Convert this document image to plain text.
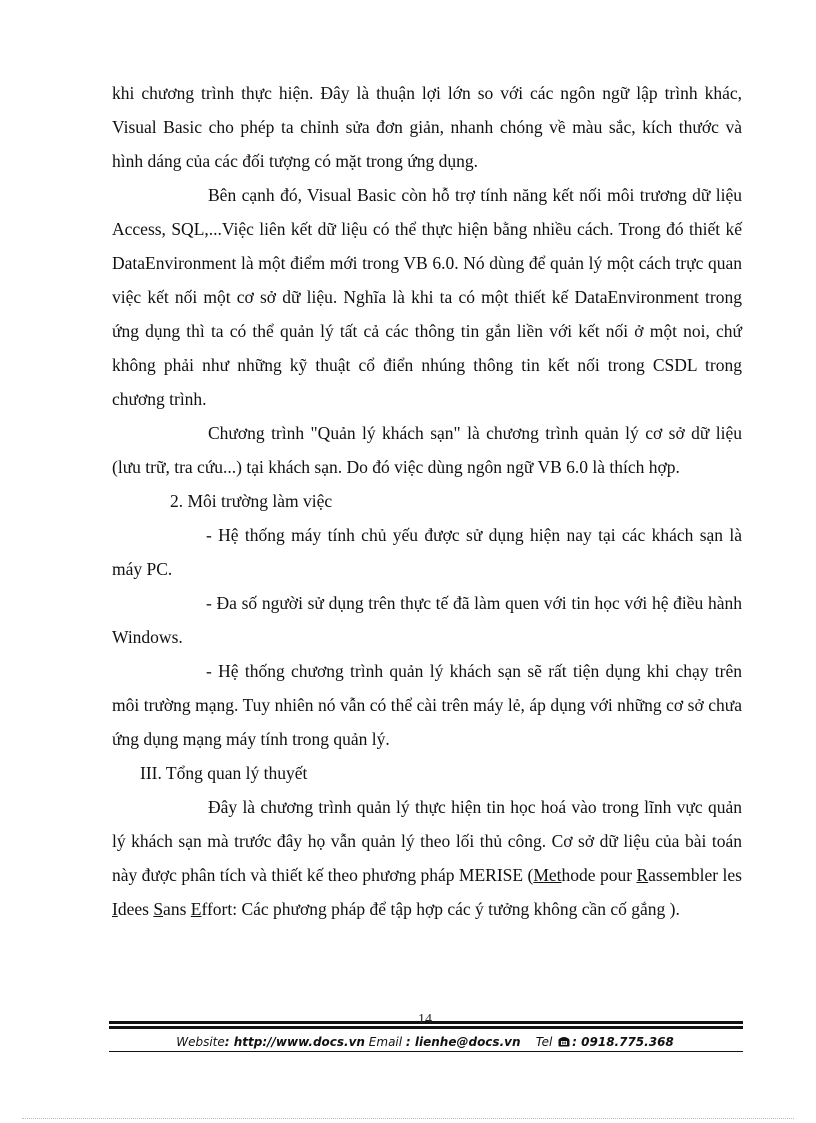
khi chương trình thực hiện. Đây là thuận lợi lớn so với các ngôn ngữ lập trình khác, Visual Basic cho phép ta chỉnh sửa đơn giản, nhanh chóng về màu sắc, kích thước và hình dáng của các đối tượng có mặt trong ứng dụng.

Bên cạnh đó, Visual Basic còn hỗ trợ tính năng kết nối môi trương dữ liệu Access, SQL,...Việc liên kết dữ liệu có thể thực hiện bằng nhiều cách. Trong đó thiết kế DataEnvironment là một điểm mới trong VB 6.0. Nó dùng để quản lý một cách trực quan việc kết nối một cơ sở dữ liệu. Nghĩa là khi ta có một thiết kế DataEnvironment trong ứng dụng thì ta có thể quản lý tất cả các thông tin gắn liền với kết nối ở một noi, chứ không phải như những kỹ thuật cổ điển nhúng thông tin kết nối trong CSDL trong chương trình.

Chương trình "Quản lý khách sạn" là chương trình quản lý cơ sở dữ liệu (lưu trữ, tra cứu...) tại khách sạn. Do đó việc dùng ngôn ngữ VB 6.0 là thích hợp.

2. Môi trường làm việc

- Hệ thống máy tính chủ yếu được sử dụng hiện nay tại các khách sạn là máy PC.

- Đa số người sử dụng trên thực tế đã làm quen với tin học với hệ điều hành Windows.

- Hệ thống chương trình quản lý khách sạn sẽ rất tiện dụng khi chạy trên môi trường mạng. Tuy nhiên nó vẫn có thể cài trên máy lẻ, áp dụng với những cơ sở chưa ứng dụng mạng máy tính trong quản lý.

III. Tổng quan lý thuyết

Đây là chương trình quản lý thực hiện tin học hoá vào trong lĩnh vực quản lý khách sạn mà trước đây họ vẫn quản lý theo lối thủ công. Cơ sở dữ liệu của bài toán này được phân tích và thiết kế theo phương pháp MERISE (Methode pour Rassembler les Idees Sans Effort: Các phương pháp để tập hợp các ý tưởng không cần cố gắng ).

14
Website: http://www.docs.vn Email : lienhe@docs.vn Tel : 0918.775.368
